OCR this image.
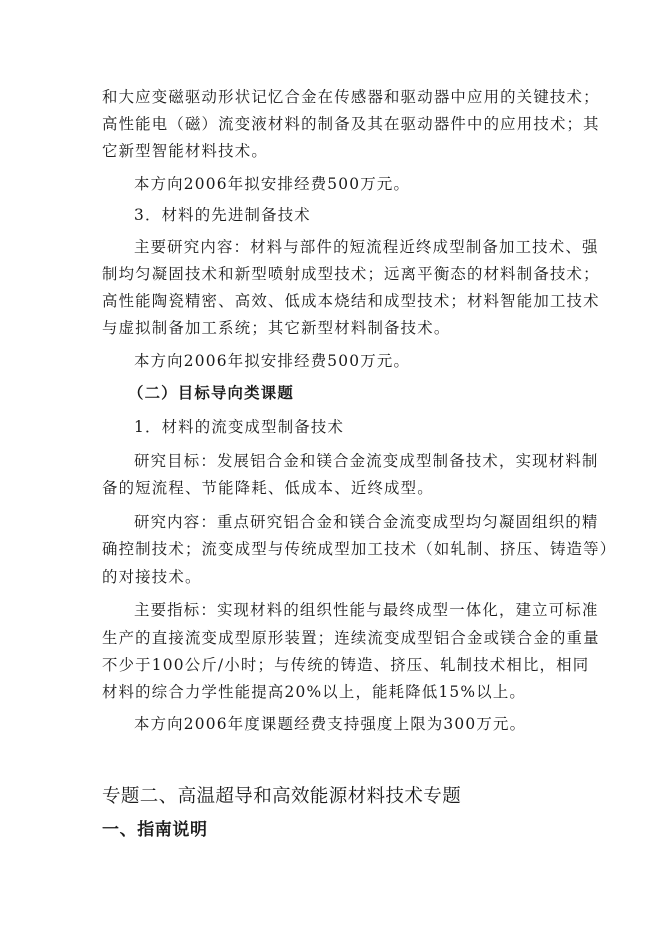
和大应变磁驱动形状记忆合金在传感器和驱动器中应用的关键技术；
高性能电（磁）流变液材料的制备及其在驱动器件中的应用技术；其
它新型智能材料技术。
本方向2006年拟安排经费500万元。
3．材料的先进制备技术
主要研究内容：材料与部件的短流程近终成型制备加工技术、强
制均匀凝固技术和新型喷射成型技术；远离平衡态的材料制备技术；
高性能陶瓷精密、高效、低成本烧结和成型技术；材料智能加工技术
与虚拟制备加工系统；其它新型材料制备技术。
本方向2006年拟安排经费500万元。
（二）目标导向类课题
1．材料的流变成型制备技术
研究目标：发展铝合金和镁合金流变成型制备技术，实现材料制
备的短流程、节能降耗、低成本、近终成型。
研究内容：重点研究铝合金和镁合金流变成型均匀凝固组织的精
确控制技术；流变成型与传统成型加工技术（如轧制、挤压、铸造等）
的对接技术。
主要指标：实现材料的组织性能与最终成型一体化，建立可标准
生产的直接流变成型原形装置；连续流变成型铝合金或镁合金的重量
不少于100公斤/小时；与传统的铸造、挤压、轧制技术相比，相同
材料的综合力学性能提高20%以上，能耗降低15%以上。
本方向2006年度课题经费支持强度上限为300万元。
专题二、高温超导和高效能源材料技术专题
一、指南说明
